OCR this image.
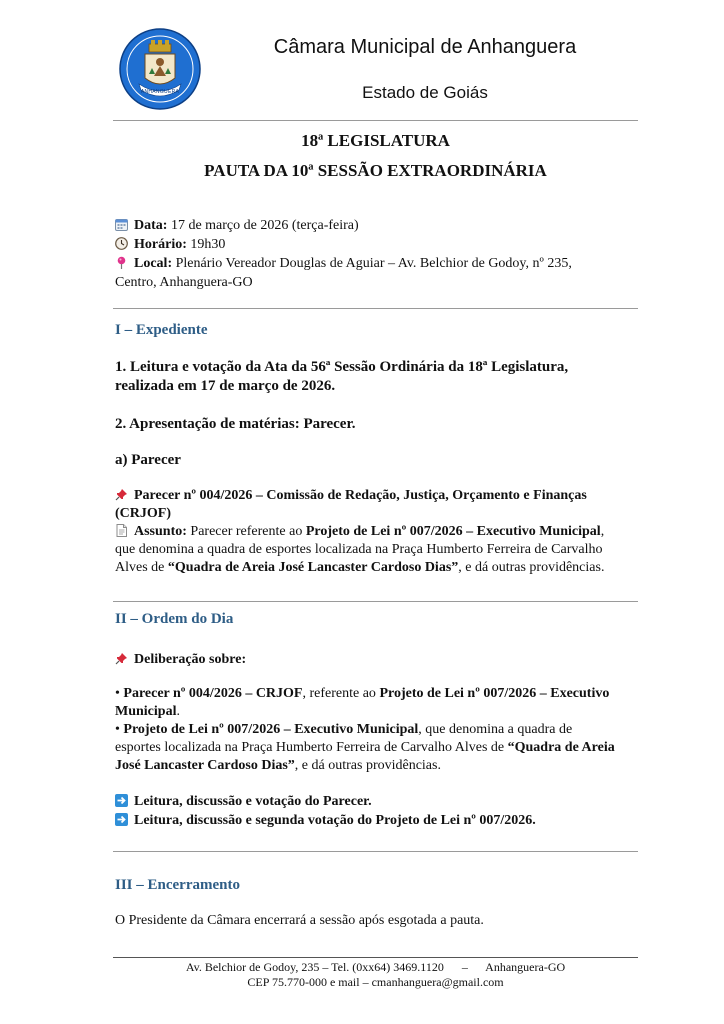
ANHANGUERA
Câmara Municipal de Anhanguera
Estado de Goiás
18ª LEGISLATURA
PAUTA DA 10ª SESSÃO EXTRAORDINÁRIA
Data: 17 de março de 2026 (terça-feira)
Horário: 19h30
Local: Plenário Vereador Douglas de Aguiar – Av. Belchior de Godoy, nº 235,
Centro, Anhanguera-GO
I – Expediente
1. Leitura e votação da Ata da 56ª Sessão Ordinária da 18ª Legislatura,
realizada em 17 de março de 2026.
2. Apresentação de matérias: Parecer.
a) Parecer
Parecer nº 004/2026 – Comissão de Redação, Justiça, Orçamento e Finanças
(CRJOF)
Assunto: Parecer referente ao Projeto de Lei nº 007/2026 – Executivo Municipal,
que denomina a quadra de esportes localizada na Praça Humberto Ferreira de Carvalho
Alves de “Quadra de Areia José Lancaster Cardoso Dias”, e dá outras providências.
II – Ordem do Dia
Deliberação sobre:
• Parecer nº 004/2026 – CRJOF, referente ao Projeto de Lei nº 007/2026 – Executivo
Municipal.
• Projeto de Lei nº 007/2026 – Executivo Municipal, que denomina a quadra de
esportes localizada na Praça Humberto Ferreira de Carvalho Alves de “Quadra de Areia
José Lancaster Cardoso Dias”, e dá outras providências.
Leitura, discussão e votação do Parecer.
Leitura, discussão e segunda votação do Projeto de Lei nº 007/2026.
III – Encerramento
O Presidente da Câmara encerrará a sessão após esgotada a pauta.
Av. Belchior de Godoy, 235 – Tel. (0xx64) 3469.1120      –      Anhanguera-GO
CEP 75.770-000 e mail – cmanhanguera@gmail.com
